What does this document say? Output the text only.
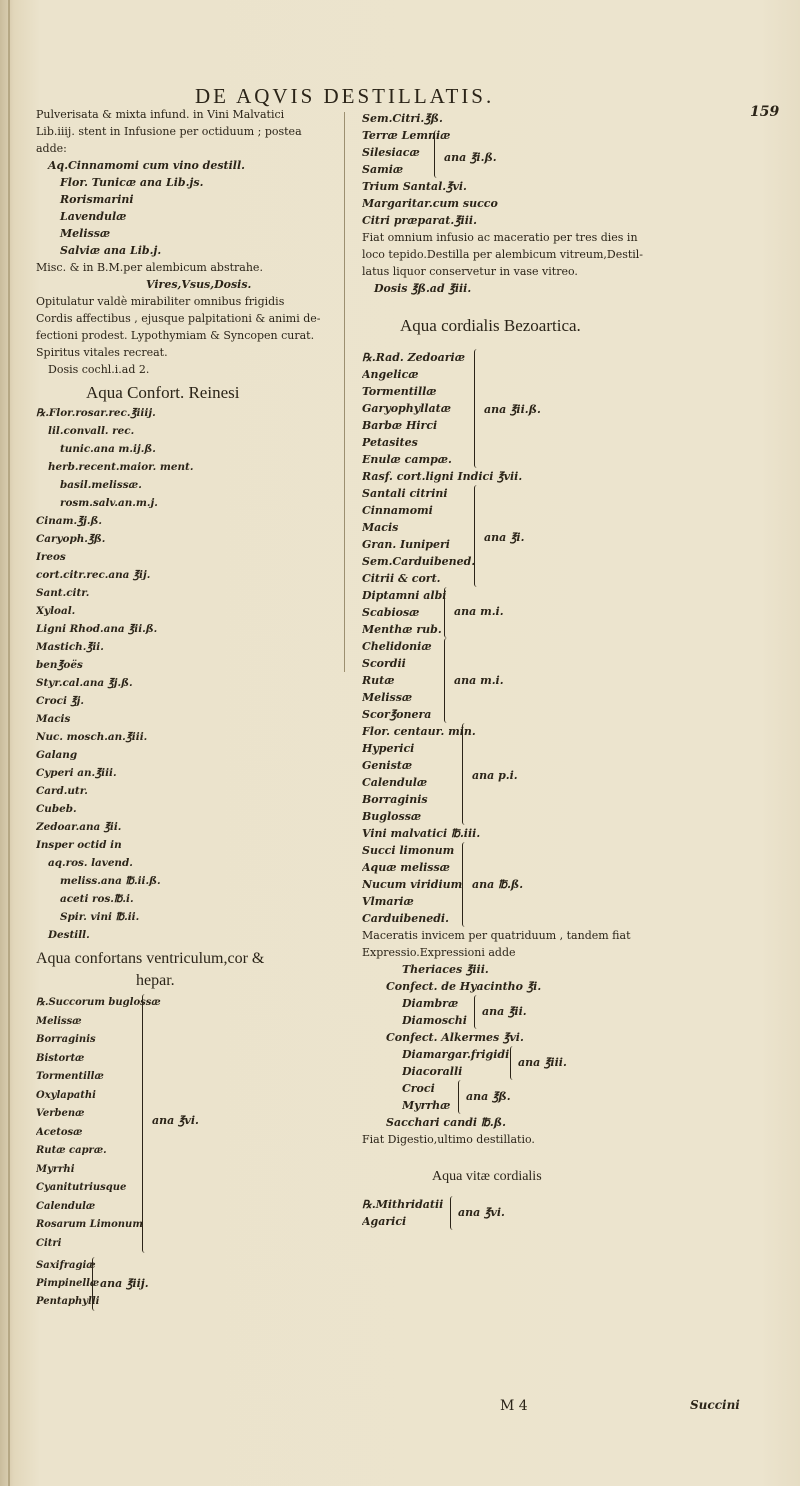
DE AQVIS DESTILLATIS.
159
Pulverisata & mixta infund. in Vini Malvatici
Lib.iiij. stent in Infusione per octiduum ; postea
adde:
Aq.Cinnamomi cum vino destill.
Flor. Tunicæ ana Lib.js.
Rorismarini
Lavendulæ
Melissæ
Salviæ ana Lib.j.
Misc. & in B.M.per alembicum abstrahe.
Vires,Vsus,Dosis.
Opitulatur valdè mirabiliter omnibus frigidis
Cordis affectibus , ejusque palpitationi & animi de-
fectioni prodest. Lypothymiam & Syncopen curat.
Spiritus vitales recreat.
Dosis cochl.i.ad 2.
Aqua Confort. Reinesi
℞.Flor.rosar.rec.℥iiij.
lil.convall. rec.
tunic.ana m.ij.ß.
herb.recent.maior. ment.
basil.melissæ.
rosm.salv.an.m.j.
Cinam.℥j.ß.
Caryoph.℥ß.
Ireos
cort.citr.rec.ana ℥ij.
Sant.citr.
Xyloal.
Ligni Rhod.ana ℥ii.ß.
Mastich.℥ii.
ben℥oës
Styr.cal.ana ℥j.ß.
Croci ℥j.
Macis
Nuc. mosch.an.℥iii.
Galang
Cyperi an.℥iii.
Card.utr.
Cubeb.
Zedoar.ana ℥ii.
Insper octid in
aq.ros. lavend.
meliss.ana ℔.ii.ß.
aceti ros.℔.i.
Spir. vini ℔.ii.
Destill.
Aqua confortans ventriculum,cor &
hepar.
℞.Succorum buglossæ
Melissæ
Borraginis
Bistortæ
Tormentillæ
Oxylapathi
Verbenæ
Acetosæ
Rutæ capræ.
Myrrhi
Cyanitutriusque
Calendulæ
Rosarum Limonum
Citri
ana ℥vi.
Saxifragiæ
Pimpinellæ
Pentaphylli
ana ℥iij.
Sem.Citri.℥ß.
Terræ Lemniæ
Silesiacæ
Samiæ
ana ℥i.ß.
Trium Santal.℥vi.
Margaritar.cum succo
Citri præparat.℥iii.
Fiat omnium infusio ac maceratio per tres dies in
loco tepido.Destilla per alembicum vitreum,Destil-
latus liquor conservetur in vase vitreo.
Dosis ℥ß.ad ℥iii.
Aqua cordialis Bezoartica.
℞.Rad. Zedoariæ
Angelicæ
Tormentillæ
Garyophyllatæ
Barbæ Hirci
Petasites
Enulæ campæ.
ana ℥ii.ß.
Rasf. cort.ligni Indici ℥vii.
Santali citrini
Cinnamomi
Macis
Gran. Iuniperi
Sem.Carduibened.
Citrii & cort.
ana ℥i.
Diptamni albi
Scabiosæ
Menthæ rub.
ana m.i.
Chelidoniæ
Scordii
Rutæ
Melissæ
Scor℥onera
ana m.i.
Flor. centaur. min.
Hyperici
Genistæ
Calendulæ
Borraginis
Buglossæ
ana p.i.
Vini malvatici ℔.iii.
Succi limonum
Aquæ melissæ
Nucum viridium
Vlmariæ
Carduibenedi.
ana ℔.ß.
Maceratis invicem per quatriduum , tandem fiat
Expressio.Expressioni adde
Theriaces ℥iii.
Confect. de Hyacintho ℥i.
Diambræ
Diamoschi
ana ℥ii.
Confect. Alkermes ℥vi.
Diamargar.frigidi
Diacoralli
ana ℥iii.
Croci
Myrrhæ
ana ℥ß.
Sacchari candi ℔.ß.
Fiat Digestio,ultimo destillatio.
Aqua vitæ cordialis
℞.Mithridatii
Agarici
ana ℥vi.
M 4	Succini
